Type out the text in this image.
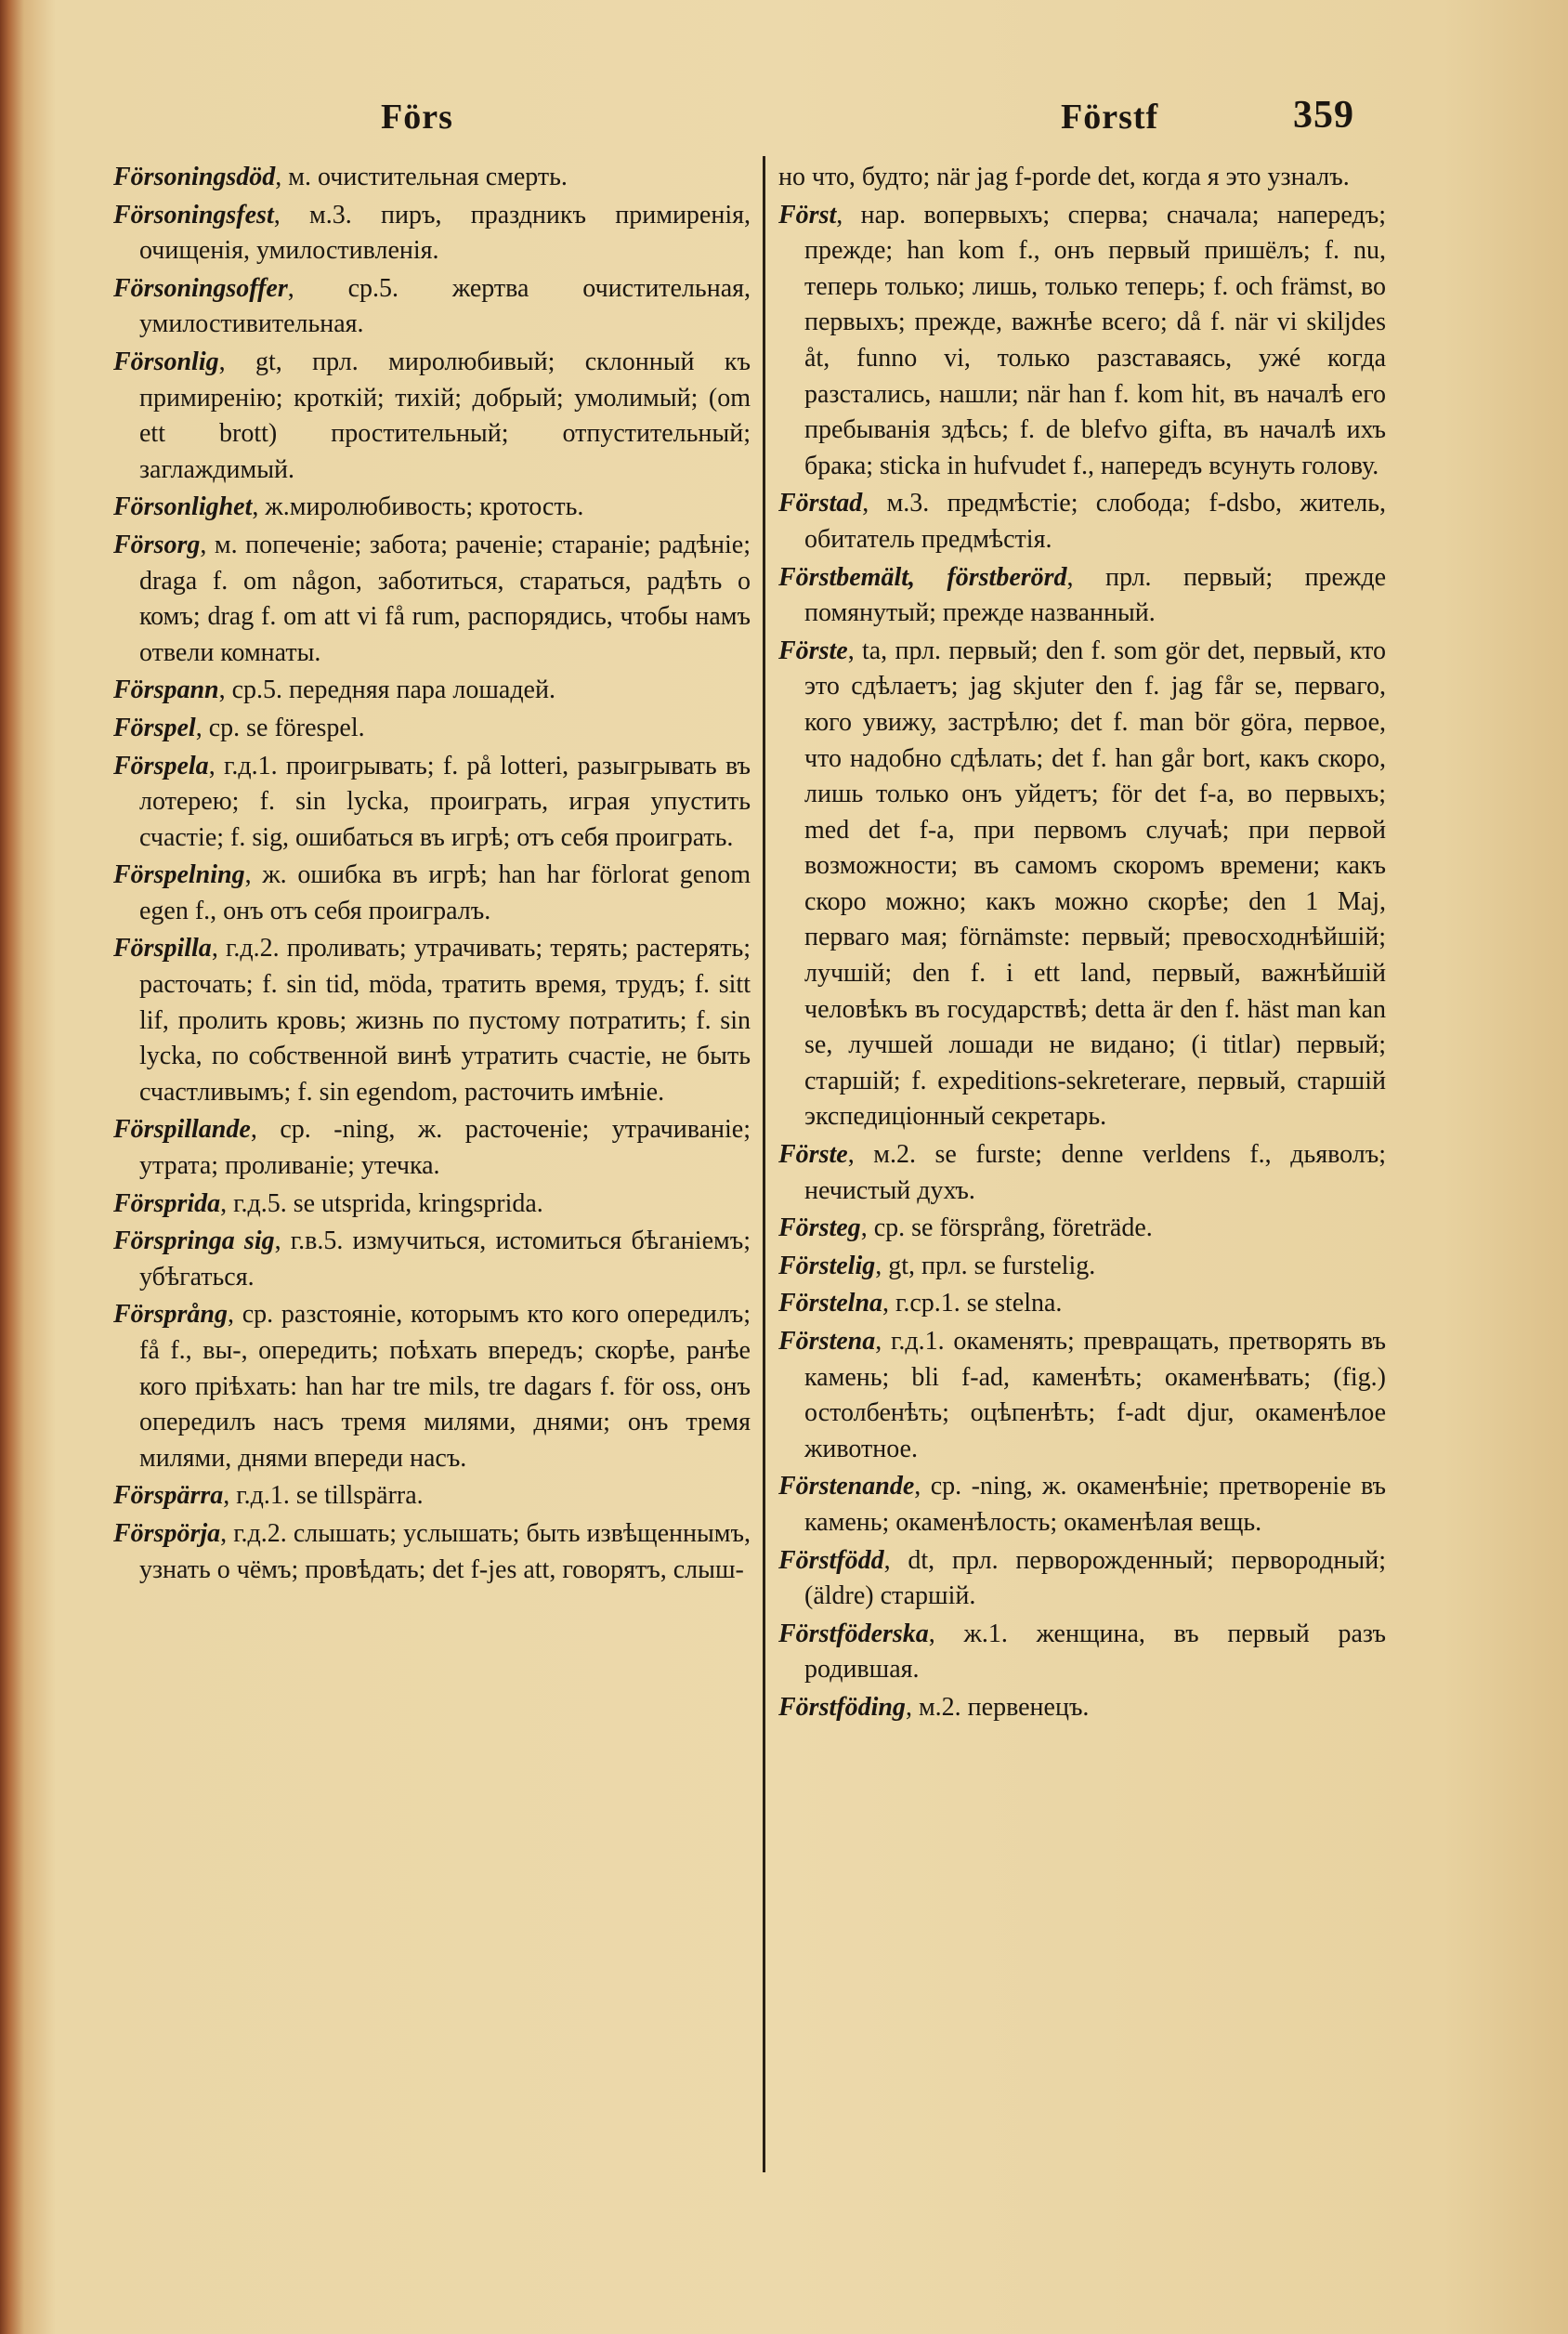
Förs	Förstf	359
Försoningsdöd, м. очистительная смерть.
Försoningsfest, м.3. пиръ, праздникъ примиренія, очищенія, умилостивленія.
Försoningsoffer, ср.5. жертва очистительная, умилостивительная.
Försonlig, gt, прл. миролюбивый; склонный къ примиренію; кроткій; тихій; добрый; умолимый; (om ett brott) простительный; отпустительный; заглаждимый.
Försonlighet, ж.миролюбивость; кротость.
Försorg, м. попеченіе; забота; раченіе; стараніе; радѣніе; draga f. om någon, заботиться, стараться, радѣть о комъ; drag f. om att vi få rum, распорядись, чтобы намъ отвели комнаты.
Förspann, ср.5. передняя пара лошадей.
Förspel, ср. se förespel.
Förspela, г.д.1. проигрывать; f. på lotteri, разыгрывать въ лотерею; f. sin lycka, проиграть, играя упустить счастіе; f. sig, ошибаться въ игрѣ; отъ себя проиграть.
Förspelning, ж. ошибка въ игрѣ; han har förlorat genom egen f., онъ отъ себя проигралъ.
Förspilla, г.д.2. проливать; утрачивать; терять; растерять; расточать; f. sin tid, möda, тратить время, трудъ; f. sitt lif, пролить кровь; жизнь по пустому потратить; f. sin lycka, по собственной винѣ утратить счастіе, не быть счастливымъ; f. sin egendom, расточить имѣніе.
Förspillande, ср. -ning, ж. расточеніе; утрачиваніе; утрата; проливаніе; утечка.
Försprida, г.д.5. se utsprida, kringsprida.
Förspringa sig, г.в.5. измучиться, истомиться бѣганіемъ; убѣгаться.
Försprång, ср. разстояніе, которымъ кто кого опередилъ; få f., вы-, опередить; поѣхать впередъ; скорѣе, ранѣе кого пріѣхать: han har tre mils, tre dagars f. för oss, онъ опередилъ насъ тремя милями, днями; онъ тремя милями, днями впереди насъ.
Förspärra, г.д.1. se tillspärra.
Förspörja, г.д.2. слышать; услышать; быть извѣщеннымъ, узнать о чёмъ; провѣдать; det f-jes att, говорятъ, слыш-
но что, будто; när jag f-porde det, когда я это узналъ.
Först, нар. вопервыхъ; сперва; сначала; напередъ; прежде; han kom f., онъ первый пришёлъ; f. nu, теперь только; лишь, только теперь; f. och främst, во первыхъ; прежде, важнѣе всего; då f. när vi skiljdes åt, funno vi, только разставаясь, ужé когда разстались, нашли; när han f. kom hit, въ началѣ его пребыванія здѣсь; f. de blefvo gifta, въ началѣ ихъ брака; sticka in hufvudet f., напередъ всунуть голову.
Förstad, м.3. предмѣстіе; слобода; f-dsbo, житель, обитатель предмѣстія.
Förstbemält, förstberörd, прл. первый; прежде помянутый; прежде названный.
Förste, ta, прл. первый; den f. som gör det, первый, кто это сдѣлаетъ; jag skjuter den f. jag får se, перваго, кого увижу, застрѣлю; det f. man bör göra, первое, что надобно сдѣлать; det f. han går bort, какъ скоро, лишь только онъ уйдетъ; för det f-a, во первыхъ; med det f-a, при первомъ случаѣ; при первой возможности; въ самомъ скоромъ времени; какъ скоро можно; какъ можно скорѣе; den 1 Maj, перваго мая; förnämste: первый; превосходнѣйшій; лучшій; den f. i ett land, первый, важнѣйшій человѣкъ въ государствѣ; detta är den f. häst man kan se, лучшей лошади не видано; (i titlar) первый; старшій; f. expeditions-sekreterare, первый, старшій экспедиціонный секретарь.
Förste, м.2. se furste; denne verldens f., дьяволъ; нечистый духъ.
Försteg, ср. se försprång, företräde.
Förstelig, gt, прл. se furstelig.
Förstelna, г.ср.1. se stelna.
Förstena, г.д.1. окаменять; превращать, претворять въ камень; bli f-ad, каменѣть; окаменѣвать; (fig.) остолбенѣть; оцѣпенѣть; f-adt djur, окаменѣлое животное.
Förstenande, ср. -ning, ж. окаменѣніе; претвореніе въ камень; окаменѣлость; окаменѣлая вещь.
Förstfödd, dt, прл. перворожденный; первородный; (äldre) старшій.
Förstföderska, ж.1. женщина, въ первый разъ родившая.
Förstföding, м.2. первенецъ.
